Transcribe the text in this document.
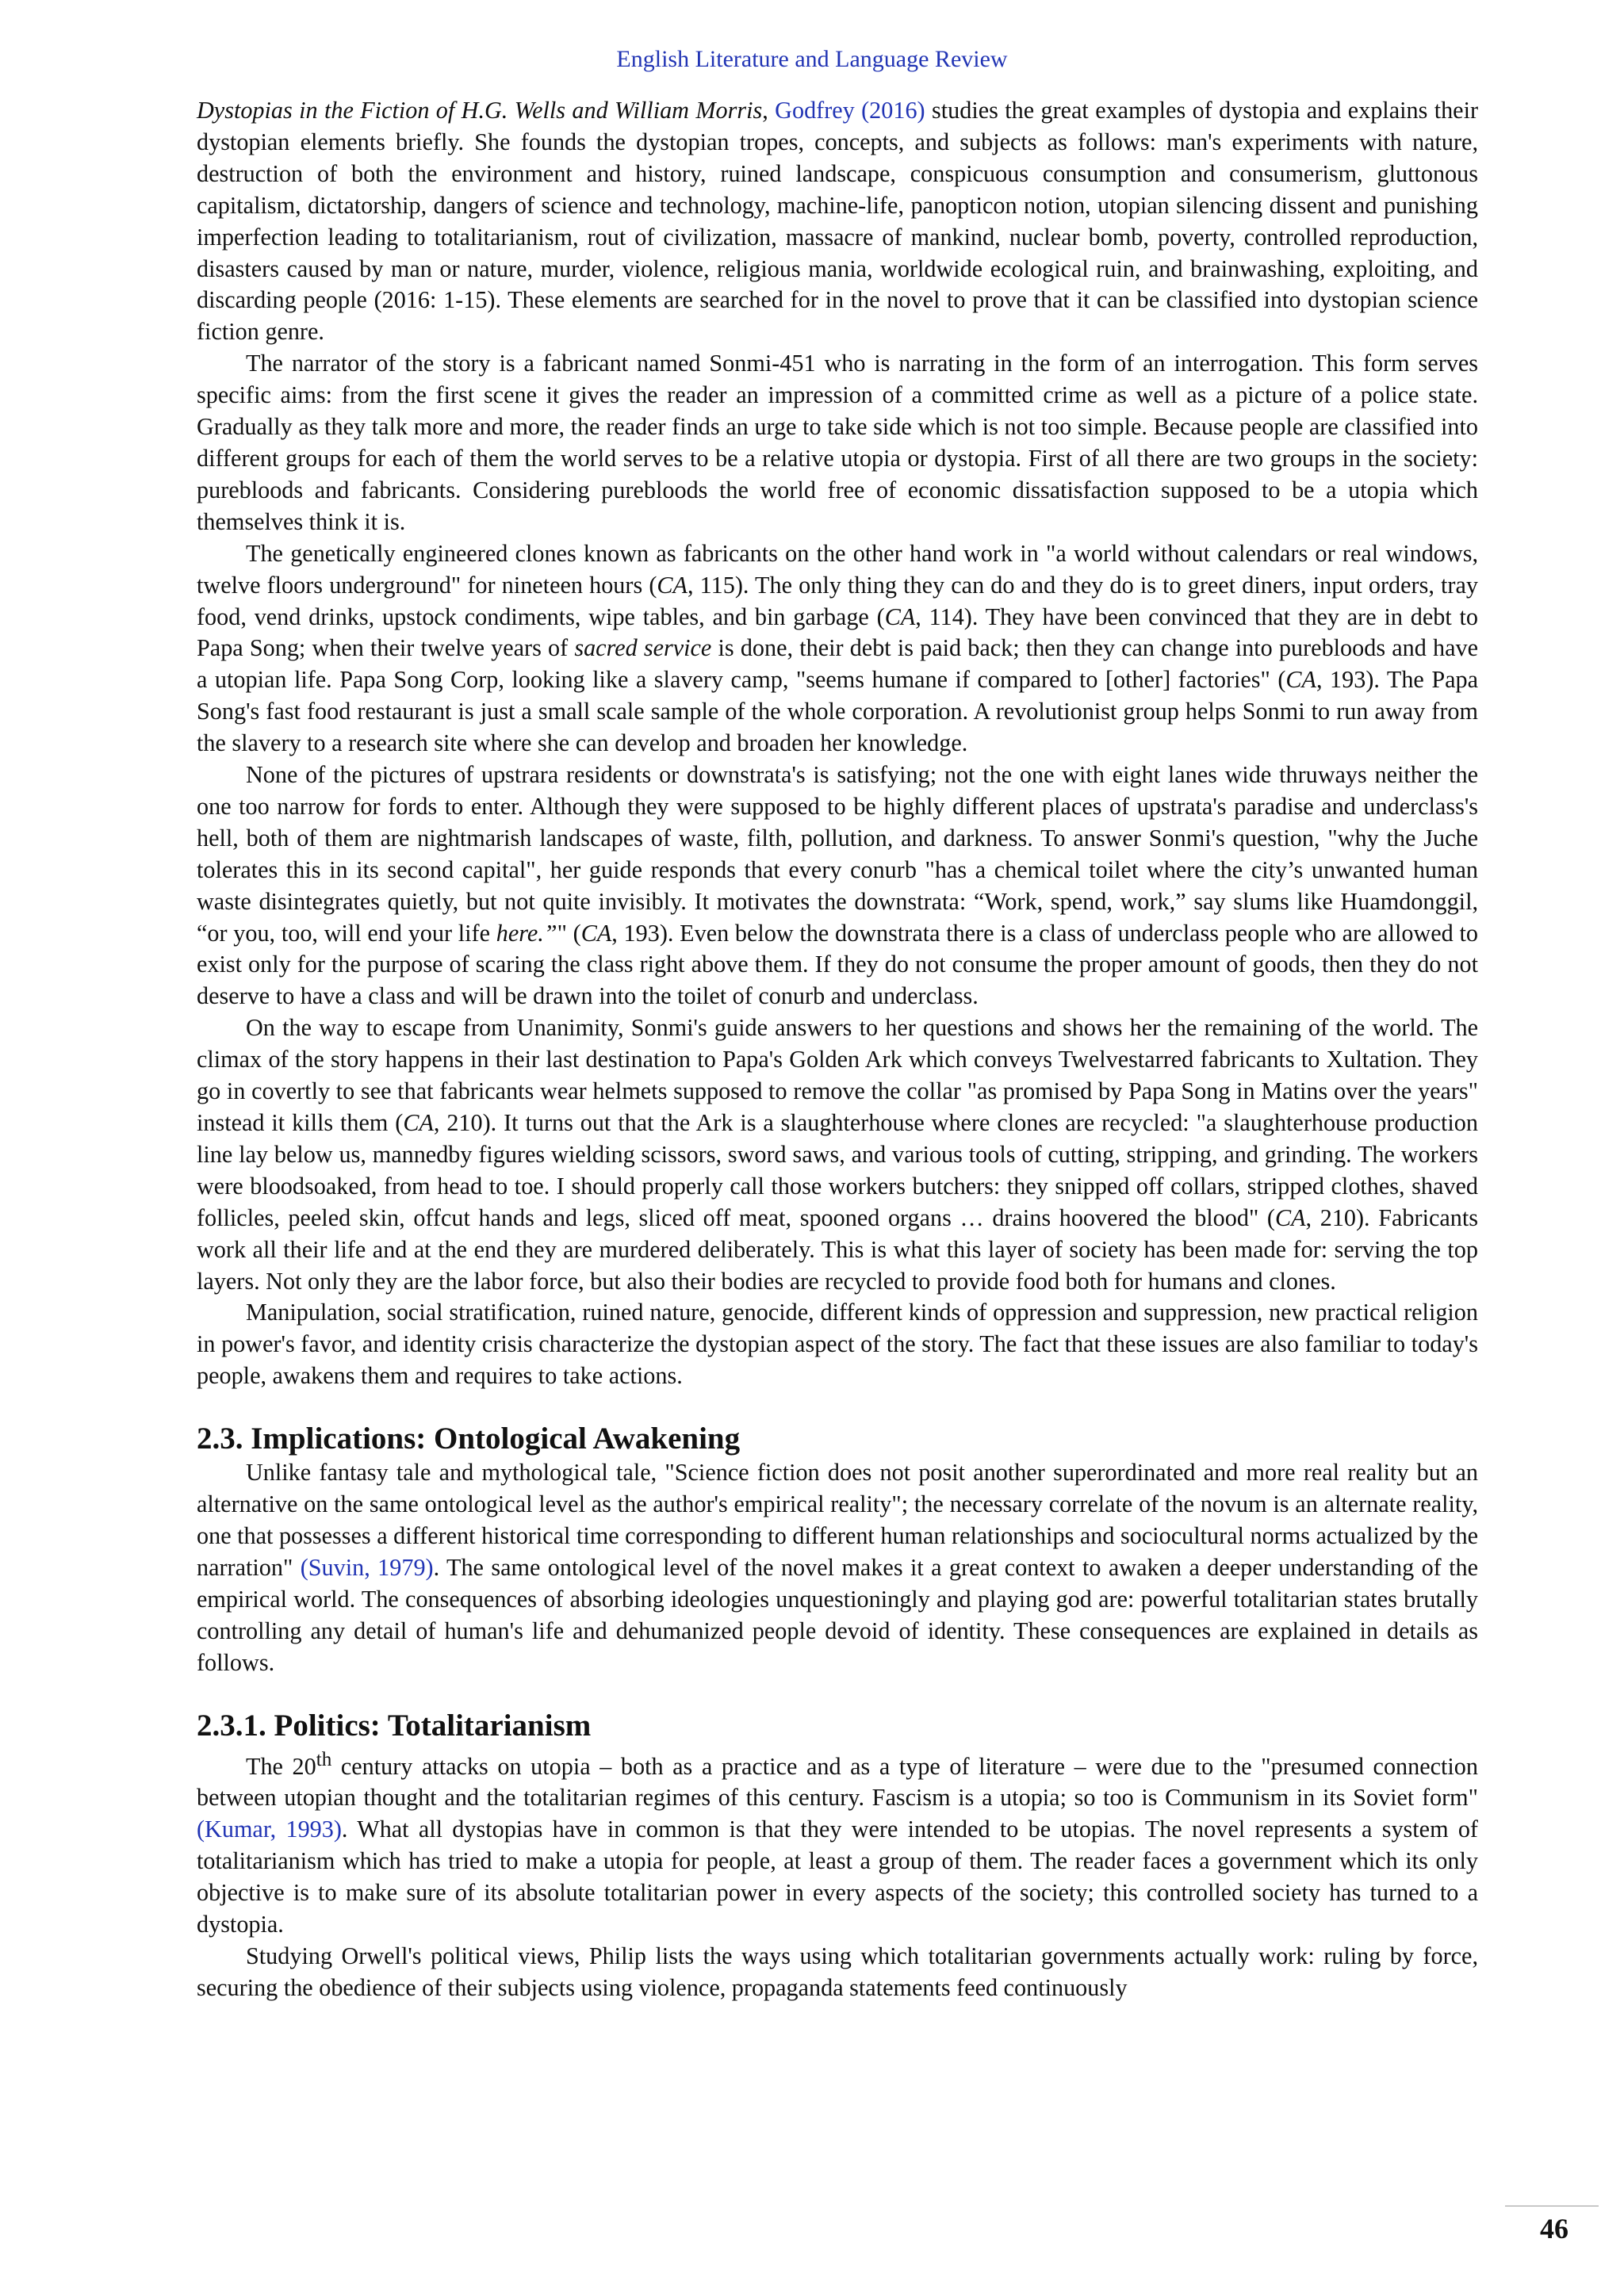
English Literature and Language Review

Dystopias in the Fiction of H.G. Wells and William Morris, Godfrey (2016) studies the great examples of dystopia and explains their dystopian elements briefly. She founds the dystopian tropes, concepts, and subjects as follows: man's experiments with nature, destruction of both the environment and history, ruined landscape, conspicuous consumption and consumerism, gluttonous capitalism, dictatorship, dangers of science and technology, machine-life, panopticon notion, utopian silencing dissent and punishing imperfection leading to totalitarianism, rout of civilization, massacre of mankind, nuclear bomb, poverty, controlled reproduction, disasters caused by man or nature, murder, violence, religious mania, worldwide ecological ruin, and brainwashing, exploiting, and discarding people (2016: 1-15). These elements are searched for in the novel to prove that it can be classified into dystopian science fiction genre.

The narrator of the story is a fabricant named Sonmi-451 who is narrating in the form of an interrogation. This form serves specific aims: from the first scene it gives the reader an impression of a committed crime as well as a picture of a police state. Gradually as they talk more and more, the reader finds an urge to take side which is not too simple. Because people are classified into different groups for each of them the world serves to be a relative utopia or dystopia. First of all there are two groups in the society: purebloods and fabricants. Considering purebloods the world free of economic dissatisfaction supposed to be a utopia which themselves think it is.

The genetically engineered clones known as fabricants on the other hand work in "a world without calendars or real windows, twelve floors underground" for nineteen hours (CA, 115). The only thing they can do and they do is to greet diners, input orders, tray food, vend drinks, upstock condiments, wipe tables, and bin garbage (CA, 114). They have been convinced that they are in debt to Papa Song; when their twelve years of sacred service is done, their debt is paid back; then they can change into purebloods and have a utopian life. Papa Song Corp, looking like a slavery camp, "seems humane if compared to [other] factories" (CA, 193). The Papa Song's fast food restaurant is just a small scale sample of the whole corporation. A revolutionist group helps Sonmi to run away from the slavery to a research site where she can develop and broaden her knowledge.

None of the pictures of upstrara residents or downstrata's is satisfying; not the one with eight lanes wide thruways neither the one too narrow for fords to enter. Although they were supposed to be highly different places of upstrata's paradise and underclass's hell, both of them are nightmarish landscapes of waste, filth, pollution, and darkness. To answer Sonmi's question, "why the Juche tolerates this in its second capital", her guide responds that every conurb "has a chemical toilet where the city’s unwanted human waste disintegrates quietly, but not quite invisibly. It motivates the downstrata: “Work, spend, work,” say slums like Huamdonggil, “or you, too, will end your life here.”" (CA, 193). Even below the downstrata there is a class of underclass people who are allowed to exist only for the purpose of scaring the class right above them. If they do not consume the proper amount of goods, then they do not deserve to have a class and will be drawn into the toilet of conurb and underclass.

On the way to escape from Unanimity, Sonmi's guide answers to her questions and shows her the remaining of the world. The climax of the story happens in their last destination to Papa's Golden Ark which conveys Twelvestarred fabricants to Xultation. They go in covertly to see that fabricants wear helmets supposed to remove the collar "as promised by Papa Song in Matins over the years" instead it kills them (CA, 210). It turns out that the Ark is a slaughterhouse where clones are recycled: "a slaughterhouse production line lay below us, mannedby figures wielding scissors, sword saws, and various tools of cutting, stripping, and grinding. The workers were bloodsoaked, from head to toe. I should properly call those workers butchers: they snipped off collars, stripped clothes, shaved follicles, peeled skin, offcut hands and legs, sliced off meat, spooned organs … drains hoovered the blood" (CA, 210). Fabricants work all their life and at the end they are murdered deliberately. This is what this layer of society has been made for: serving the top layers. Not only they are the labor force, but also their bodies are recycled to provide food both for humans and clones.

Manipulation, social stratification, ruined nature, genocide, different kinds of oppression and suppression, new practical religion in power's favor, and identity crisis characterize the dystopian aspect of the story. The fact that these issues are also familiar to today's people, awakens them and requires to take actions.

2.3. Implications: Ontological Awakening

Unlike fantasy tale and mythological tale, "Science fiction does not posit another superordinated and more real reality but an alternative on the same ontological level as the author's empirical reality"; the necessary correlate of the novum is an alternate reality, one that possesses a different historical time corresponding to different human relationships and sociocultural norms actualized by the narration" (Suvin, 1979). The same ontological level of the novel makes it a great context to awaken a deeper understanding of the empirical world. The consequences of absorbing ideologies unquestioningly and playing god are: powerful totalitarian states brutally controlling any detail of human's life and dehumanized people devoid of identity. These consequences are explained in details as follows.

2.3.1. Politics: Totalitarianism

The 20th century attacks on utopia – both as a practice and as a type of literature – were due to the "presumed connection between utopian thought and the totalitarian regimes of this century. Fascism is a utopia; so too is Communism in its Soviet form" (Kumar, 1993). What all dystopias have in common is that they were intended to be utopias. The novel represents a system of totalitarianism which has tried to make a utopia for people, at least a group of them. The reader faces a government which its only objective is to make sure of its absolute totalitarian power in every aspects of the society; this controlled society has turned to a dystopia.

Studying Orwell's political views, Philip lists the ways using which totalitarian governments actually work: ruling by force, securing the obedience of their subjects using violence, propaganda statements feed continuously

46
